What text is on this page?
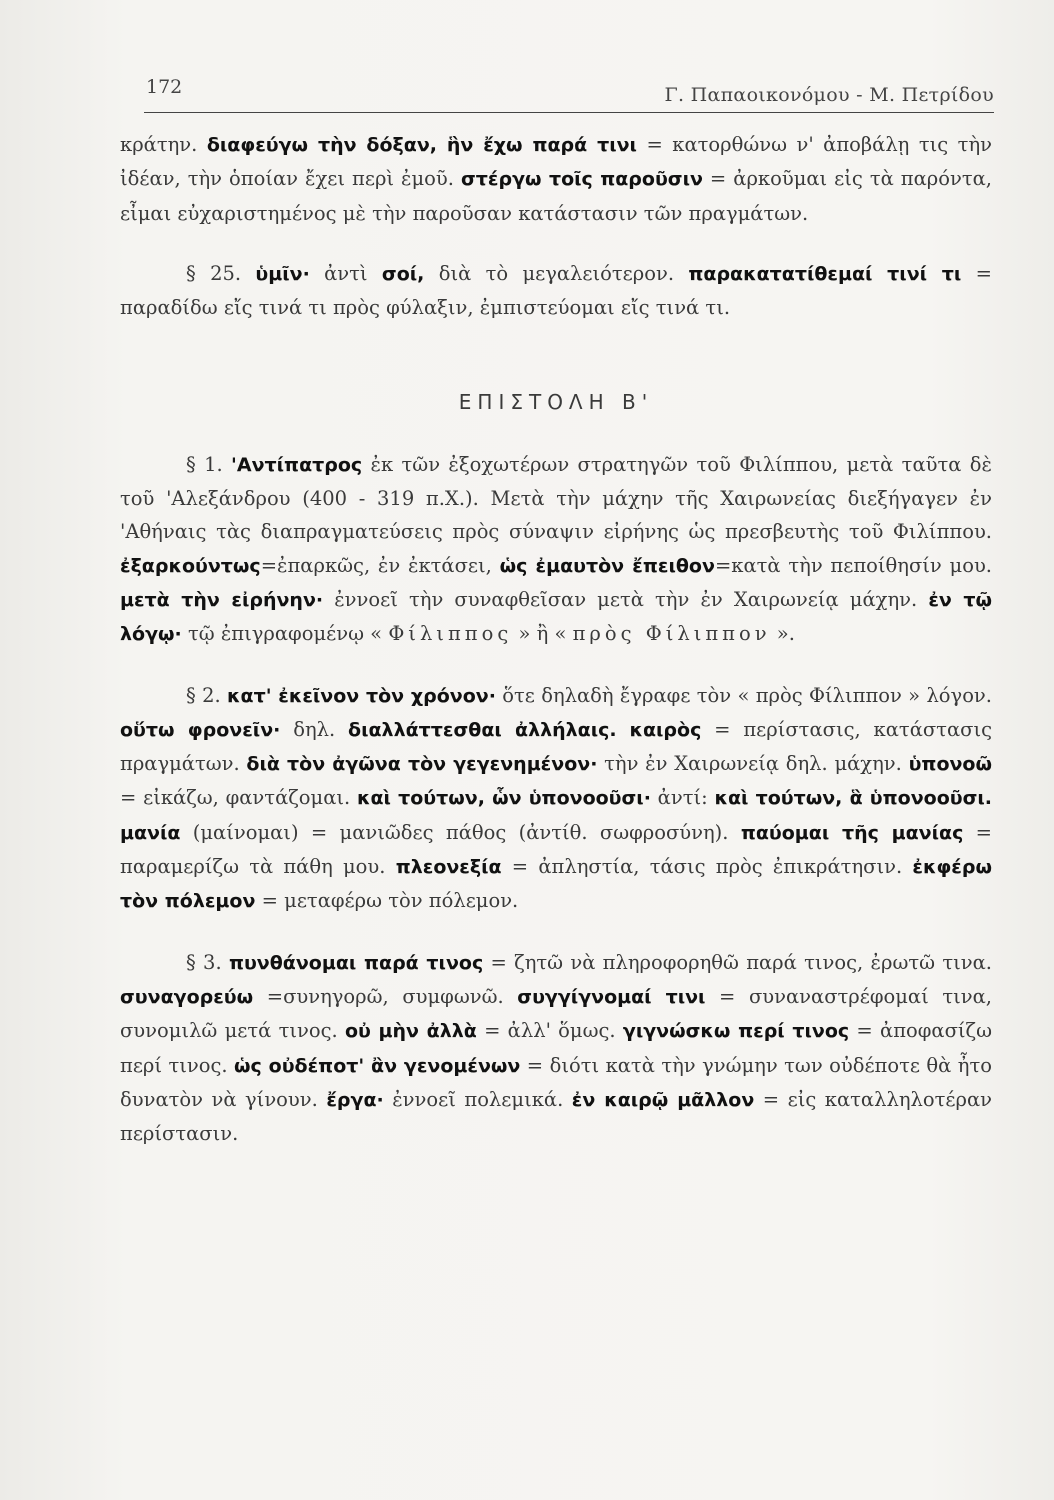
172	Γ. Παπαοικονόμου - Μ. Πετρίδου

κράτην. διαφεύγω τὴν δόξαν, ἣν ἔχω παρά τινι = κατορθώνω ν' ἀποβάλῃ τις τὴν ἰδέαν, τὴν ὁποίαν ἔχει περὶ ἐμοῦ. στέργω τοῖς παροῦσιν = ἀρκοῦμαι εἰς τὰ παρόντα, εἶμαι εὐχαριστημένος μὲ τὴν παροῦσαν κατάστασιν τῶν πραγμάτων.

§ 25. ὑμῖν· ἀντὶ σοί, διὰ τὸ μεγαλειότερον. παρακατατίθεμαί τινί τι = παραδίδω εἴς τινά τι πρὸς φύλαξιν, ἐμπιστεύομαι εἴς τινά τι.

ΕΠΙΣΤΟΛΗ Β'

§ 1. 'Αντίπατρος ἐκ τῶν ἐξοχωτέρων στρατηγῶν τοῦ Φιλίππου, μετὰ ταῦτα δὲ τοῦ 'Αλεξάνδρου (400 - 319 π.Χ.). Μετὰ τὴν μάχην τῆς Χαιρωνείας διεξήγαγεν ἐν 'Αθήναις τὰς διαπραγματεύσεις πρὸς σύναψιν εἰρήνης ὡς πρεσβευτὴς τοῦ Φιλίππου. ἐξαρκούντως=ἐπαρκῶς, ἐν ἐκτάσει, ὡς ἐμαυτὸν ἔπειθον=κατὰ τὴν πεποίθησίν μου. μετὰ τὴν εἰρήνην· ἐννοεῖ τὴν συναφθεῖσαν μετὰ τὴν ἐν Χαιρωνείᾳ μάχην. ἐν τῷ λόγῳ· τῷ ἐπιγραφομένῳ « Φίλιππος » ἢ « πρὸς Φίλιππον ».

§ 2. κατ' ἐκεῖνον τὸν χρόνον· ὅτε δηλαδὴ ἔγραφε τὸν « πρὸς Φίλιππον » λόγον. οὕτω φρονεῖν· δηλ. διαλλάττεσθαι ἀλλήλαις. καιρὸς = περίστασις, κατάστασις πραγμάτων. διὰ τὸν ἀγῶνα τὸν γεγενημένον· τὴν ἐν Χαιρωνείᾳ δηλ. μάχην. ὑπονοῶ = εἰκάζω, φαντάζομαι. καὶ τούτων, ὧν ὑπονοοῦσι· ἀντί: καὶ τούτων, ἃ ὑπονοοῦσι. μανία (μαίνομαι) = μανιῶδες πάθος (ἀντίθ. σωφροσύνη). παύομαι τῆς μανίας = παραμερίζω τὰ πάθη μου. πλεονεξία = ἀπληστία, τάσις πρὸς ἐπικράτησιν. ἐκφέρω τὸν πόλεμον = μεταφέρω τὸν πόλεμον.

§ 3. πυνθάνομαι παρά τινος = ζητῶ νὰ πληροφορηθῶ παρά τινος, ἐρωτῶ τινα. συναγορεύω =συνηγορῶ, συμφωνῶ. συγγίγνομαί τινι = συναναστρέφομαί τινα, συνομιλῶ μετά τινος. οὐ μὴν ἀλλὰ = ἀλλ' ὅμως. γιγνώσκω περί τινος = ἀποφασίζω περί τινος. ὡς οὐδέποτ' ἂν γενομένων = διότι κατὰ τὴν γνώμην των οὐδέποτε θὰ ἦτο δυνατὸν νὰ γίνουν. ἔργα· ἐννοεῖ πολεμικά. ἐν καιρῷ μᾶλλον = εἰς καταλληλοτέραν περίστασιν.
